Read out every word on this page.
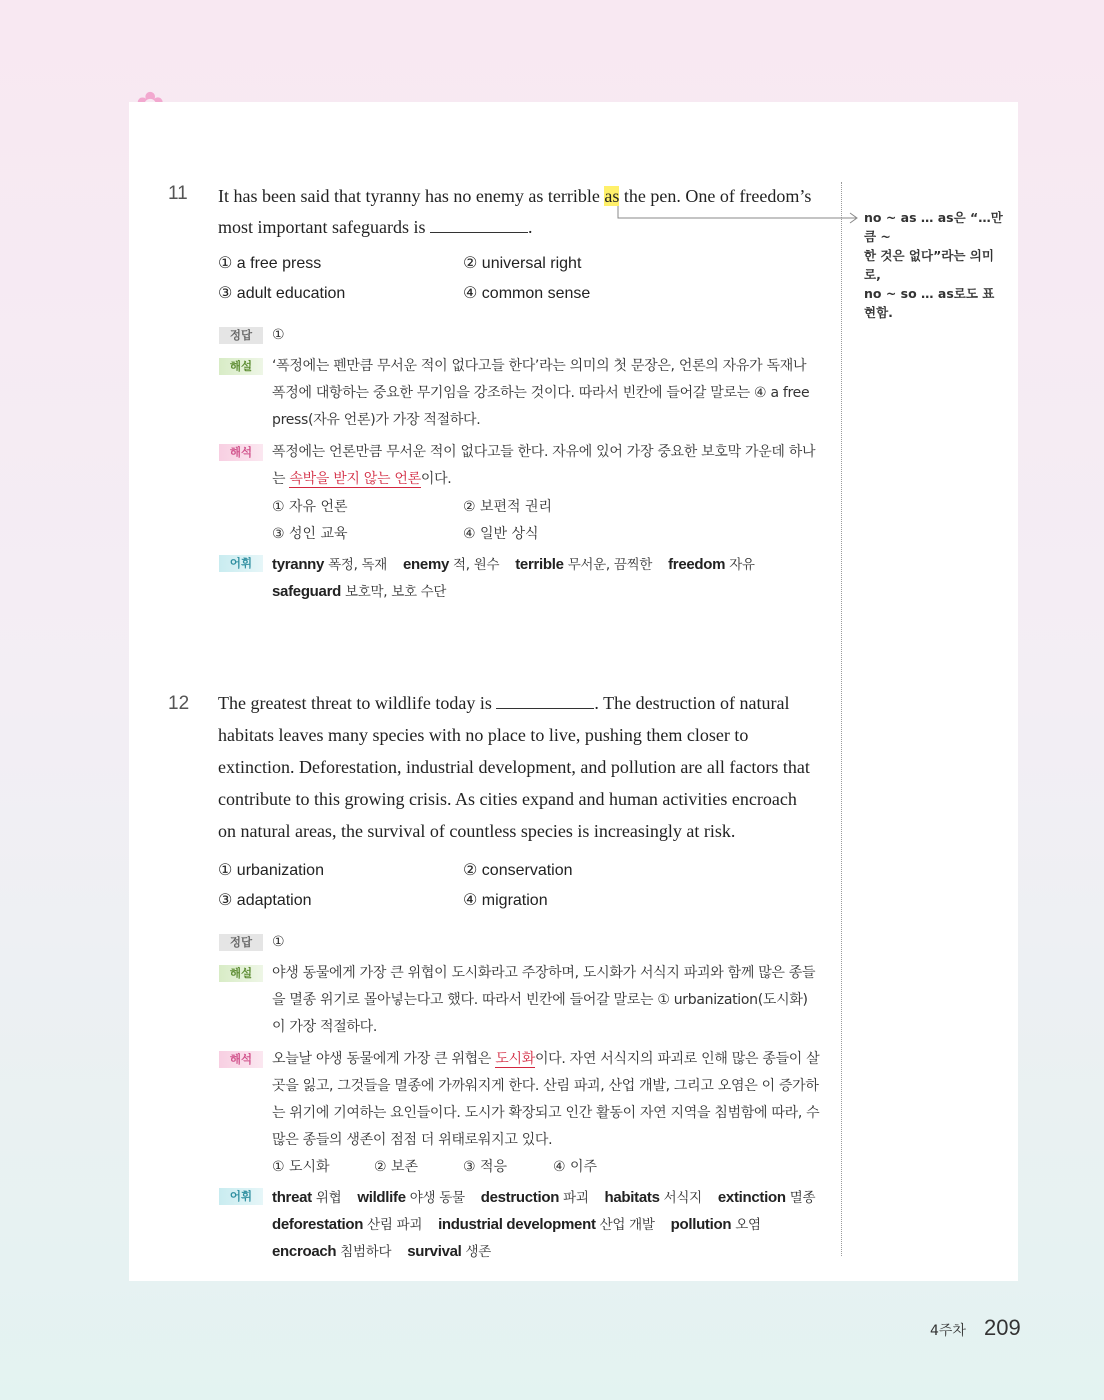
no ~ as … as은 “…만큼 ~
한 것은 없다”라는 의미로,
no ~ so … as로도 표현함.
11 It has been said that tyranny has no enemy as terrible as the pen. One of freedom’s
most important safeguards is	.
① a free press	② universal right
③ adult education	④ common sense
정답	①
해설	‘폭정에는 펜만큼 무서운 적이 없다고들 한다’라는 의미의 첫 문장은, 언론의 자유가 독재나 폭정에 대항하는 중요한 무기임을 강조하는 것이다. 따라서 빈칸에 들어갈 말로는 ④ a free press(자유 언론)가 가장 적절하다.
해석	폭정에는 언론만큼 무서운 적이 없다고들 한다. 자유에 있어 가장 중요한 보호막 가운데 하나는 속박을 받지 않는 언론이다.
① 자유 언론	② 보편적 권리
③ 성인 교육	④ 일반 상식
어휘	tyranny 폭정, 독재 enemy 적, 원수 terrible 무서운, 끔찍한 freedom 자유
safeguard 보호막, 보호 수단
12 The greatest threat to wildlife today is	. The destruction of natural
habitats leaves many species with no place to live, pushing them closer to
extinction. Deforestation, industrial development, and pollution are all factors that
contribute to this growing crisis. As cities expand and human activities encroach
on natural areas, the survival of countless species is increasingly at risk.
① urbanization	② conservation
③ adaptation	④ migration
정답	①
해설	야생 동물에게 가장 큰 위협이 도시화라고 주장하며, 도시화가 서식지 파괴와 함께 많은 종들을 멸종 위기로 몰아넣는다고 했다. 따라서 빈칸에 들어갈 말로는 ① urbanization(도시화)이 가장 적절하다.
해석	오늘날 야생 동물에게 가장 큰 위협은 도시화이다. 자연 서식지의 파괴로 인해 많은 종들이 살 곳을 잃고, 그것들을 멸종에 가까워지게 한다. 산림 파괴, 산업 개발, 그리고 오염은 이 증가하는 위기에 기여하는 요인들이다. 도시가 확장되고 인간 활동이 자연 지역을 침범함에 따라, 수많은 종들의 생존이 점점 더 위태로워지고 있다.
① 도시화	② 보존	③ 적응	④ 이주
어휘	threat 위협 wildlife 야생 동물 destruction 파괴 habitats 서식지 extinction 멸종
deforestation 산림 파괴 industrial development 산업 개발 pollution 오염
encroach 침범하다 survival 생존
4주차 209
